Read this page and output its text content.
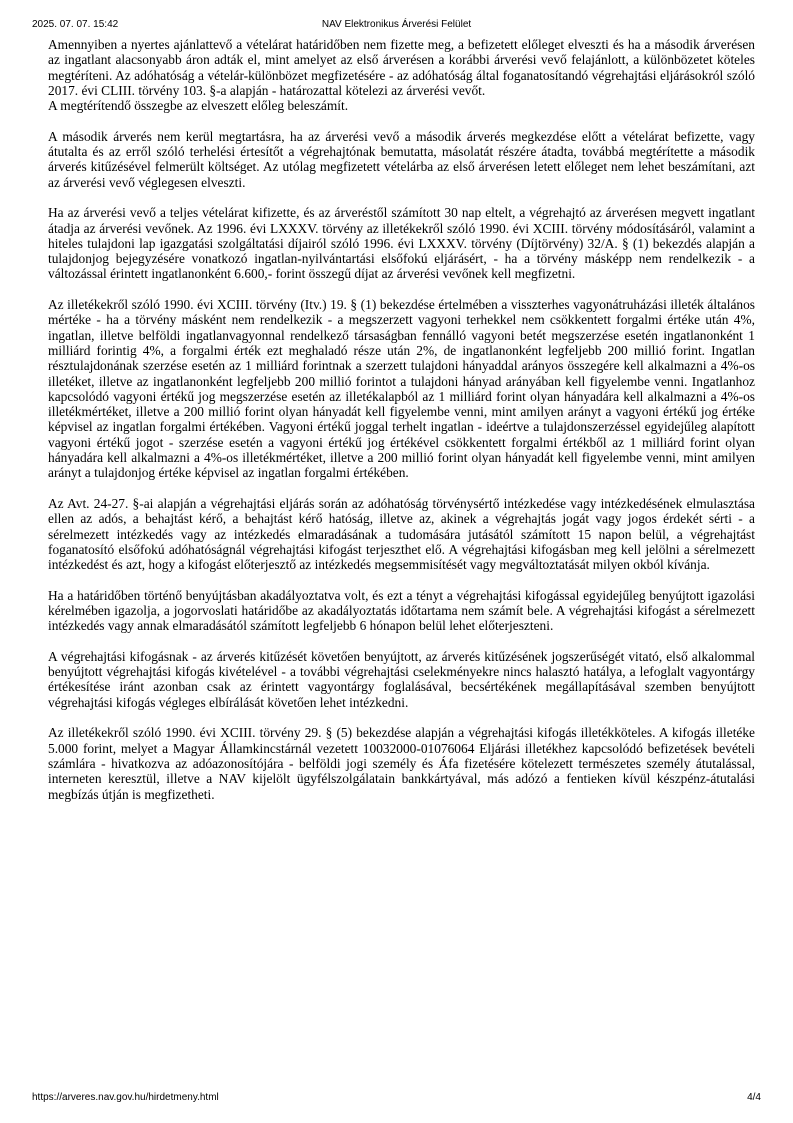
2025. 07. 07. 15:42	NAV Elektronikus Árverési Felület

Amennyiben a nyertes ajánlattevő a vételárat határidőben nem fizette meg, a befizetett előleget elveszti és ha a második árverésen az ingatlant alacsonyabb áron adták el, mint amelyet az első árverésen a korábbi árverési vevő felajánlott, a különbözetet köteles megtéríteni. Az adóhatóság a vételár-különbözet megfizetésére - az adóhatóság által foganatosítandó végrehajtási eljárásokról szóló 2017. évi CLIII. törvény 103. §-a alapján - határozattal kötelezi az árverési vevőt.
A megtérítendő összegbe az elveszett előleg beleszámít.

A második árverés nem kerül megtartásra, ha az árverési vevő a második árverés megkezdése előtt a vételárat befizette, vagy átutalta és az erről szóló terhelési értesítőt a végrehajtónak bemutatta, másolatát részére átadta, továbbá megtérítette a második árverés kitűzésével felmerült költséget. Az utólag megfizetett vételárba az első árverésen letett előleget nem lehet beszámítani, azt az árverési vevő véglegesen elveszti.

Ha az árverési vevő a teljes vételárat kifizette, és az árveréstől számított 30 nap eltelt, a végrehajtó az árverésen megvett ingatlant átadja az árverési vevőnek. Az 1996. évi LXXXV. törvény az illetékekről szóló 1990. évi XCIII. törvény módosításáról, valamint a hiteles tulajdoni lap igazgatási szolgáltatási díjairól szóló 1996. évi LXXXV. törvény (Díjtörvény) 32/A. § (1) bekezdés alapján a tulajdonjog bejegyzésére vonatkozó ingatlan-nyilvántartási elsőfokú eljárásért, - ha a törvény másképp nem rendelkezik - a változással érintett ingatlanonként 6.600,- forint összegű díjat az árverési vevőnek kell megfizetni.

Az illetékekről szóló 1990. évi XCIII. törvény (Itv.) 19. § (1) bekezdése értelmében a visszterhes vagyonátruházási illeték általános mértéke - ha a törvény másként nem rendelkezik - a megszerzett vagyoni terhekkel nem csökkentett forgalmi értéke után 4%, ingatlan, illetve belföldi ingatlanvagyonnal rendelkező társaságban fennálló vagyoni betét megszerzése esetén ingatlanonként 1 milliárd forintig 4%, a forgalmi érték ezt meghaladó része után 2%, de ingatlanonként legfeljebb 200 millió forint. Ingatlan résztulajdonának szerzése esetén az 1 milliárd forintnak a szerzett tulajdoni hányaddal arányos összegére kell alkalmazni a 4%-os illetéket, illetve az ingatlanonként legfeljebb 200 millió forintot a tulajdoni hányad arányában kell figyelembe venni. Ingatlanhoz kapcsolódó vagyoni értékű jog megszerzése esetén az illetékalapból az 1 milliárd forint olyan hányadára kell alkalmazni a 4%-os illetékmértéket, illetve a 200 millió forint olyan hányadát kell figyelembe venni, mint amilyen arányt a vagyoni értékű jog értéke képvisel az ingatlan forgalmi értékében. Vagyoni értékű joggal terhelt ingatlan - ideértve a tulajdonszerzéssel egyidejűleg alapított vagyoni értékű jogot - szerzése esetén a vagyoni értékű jog értékével csökkentett forgalmi értékből az 1 milliárd forint olyan hányadára kell alkalmazni a 4%-os illetékmértéket, illetve a 200 millió forint olyan hányadát kell figyelembe venni, mint amilyen arányt a tulajdonjog értéke képvisel az ingatlan forgalmi értékében.

Az Avt. 24-27. §-ai alapján a végrehajtási eljárás során az adóhatóság törvénysértő intézkedése vagy intézkedésének elmulasztása ellen az adós, a behajtást kérő, a behajtást kérő hatóság, illetve az, akinek a végrehajtás jogát vagy jogos érdekét sérti - a sérelmezett intézkedés vagy az intézkedés elmaradásának a tudomására jutásától számított 15 napon belül, a végrehajtást foganatosító elsőfokú adóhatóságnál végrehajtási kifogást terjeszthet elő. A végrehajtási kifogásban meg kell jelölni a sérelmezett intézkedést és azt, hogy a kifogást előterjesztő az intézkedés megsemmisítését vagy megváltoztatását milyen okból kívánja.

Ha a határidőben történő benyújtásban akadályoztatva volt, és ezt a tényt a végrehajtási kifogással egyidejűleg benyújtott igazolási kérelmében igazolja, a jogorvoslati határidőbe az akadályoztatás időtartama nem számít bele. A végrehajtási kifogást a sérelmezett intézkedés vagy annak elmaradásától számított legfeljebb 6 hónapon belül lehet előterjeszteni.

A végrehajtási kifogásnak - az árverés kitűzését követően benyújtott, az árverés kitűzésének jogszerűségét vitató, első alkalommal benyújtott végrehajtási kifogás kivételével - a további végrehajtási cselekményekre nincs halasztó hatálya, a lefoglalt vagyontárgy értékesítése iránt azonban csak az érintett vagyontárgy foglalásával, becsértékének megállapításával szemben benyújtott végrehajtási kifogás végleges elbírálását követően lehet intézkedni.

Az illetékekről szóló 1990. évi XCIII. törvény 29. § (5) bekezdése alapján a végrehajtási kifogás illetékköteles. A kifogás illetéke 5.000 forint, melyet a Magyar Államkincstárnál vezetett 10032000-01076064 Eljárási illetékhez kapcsolódó befizetések bevételi számlára - hivatkozva az adóazonosítójára - belföldi jogi személy és Áfa fizetésére kötelezett természetes személy átutalással, interneten keresztül, illetve a NAV kijelölt ügyfélszolgálatain bankkártyával, más adózó a fentieken kívül készpénz-átutalási megbízás útján is megfizetheti.

https://arveres.nav.gov.hu/hirdetmeny.html	4/4
